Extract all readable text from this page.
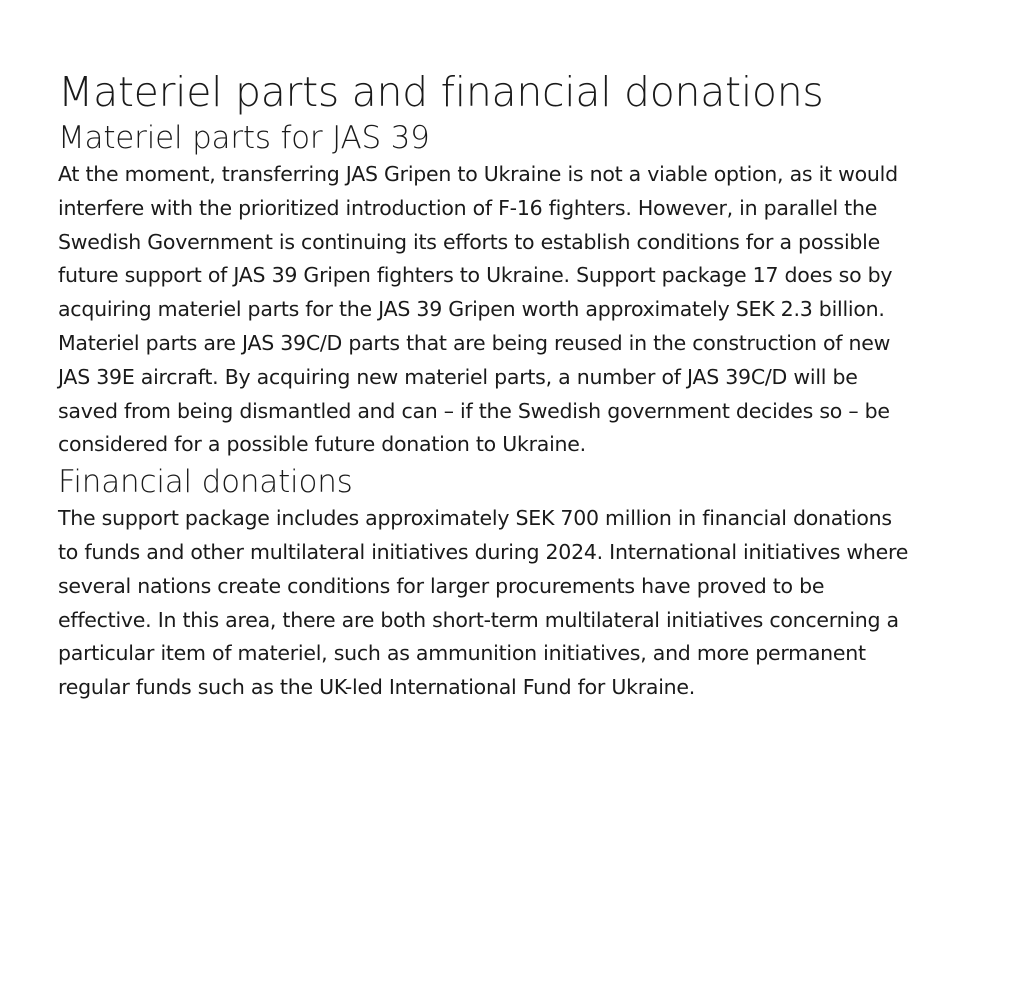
Materiel parts and financial donations
Materiel parts for JAS 39

At the moment, transferring JAS Gripen to Ukraine is not a viable option, as it would interfere with the prioritized introduction of F-16 fighters. However, in parallel the Swedish Government is continuing its efforts to establish conditions for a possible future support of JAS 39 Gripen fighters to Ukraine. Support package 17 does so by acquiring materiel parts for the JAS 39 Gripen worth approximately SEK 2.3 billion.

Materiel parts are JAS 39C/D parts that are being reused in the construction of new JAS 39E aircraft. By acquiring new materiel parts, a number of JAS 39C/D will be saved from being dismantled and can – if the Swedish government decides so – be considered for a possible future donation to Ukraine.

Financial donations

The support package includes approximately SEK 700 million in financial donations to funds and other multilateral initiatives during 2024. International initiatives where several nations create conditions for larger procurements have proved to be effective. In this area, there are both short-term multilateral initiatives concerning a particular item of materiel, such as ammunition initiatives, and more permanent regular funds such as the UK-led International Fund for Ukraine.
